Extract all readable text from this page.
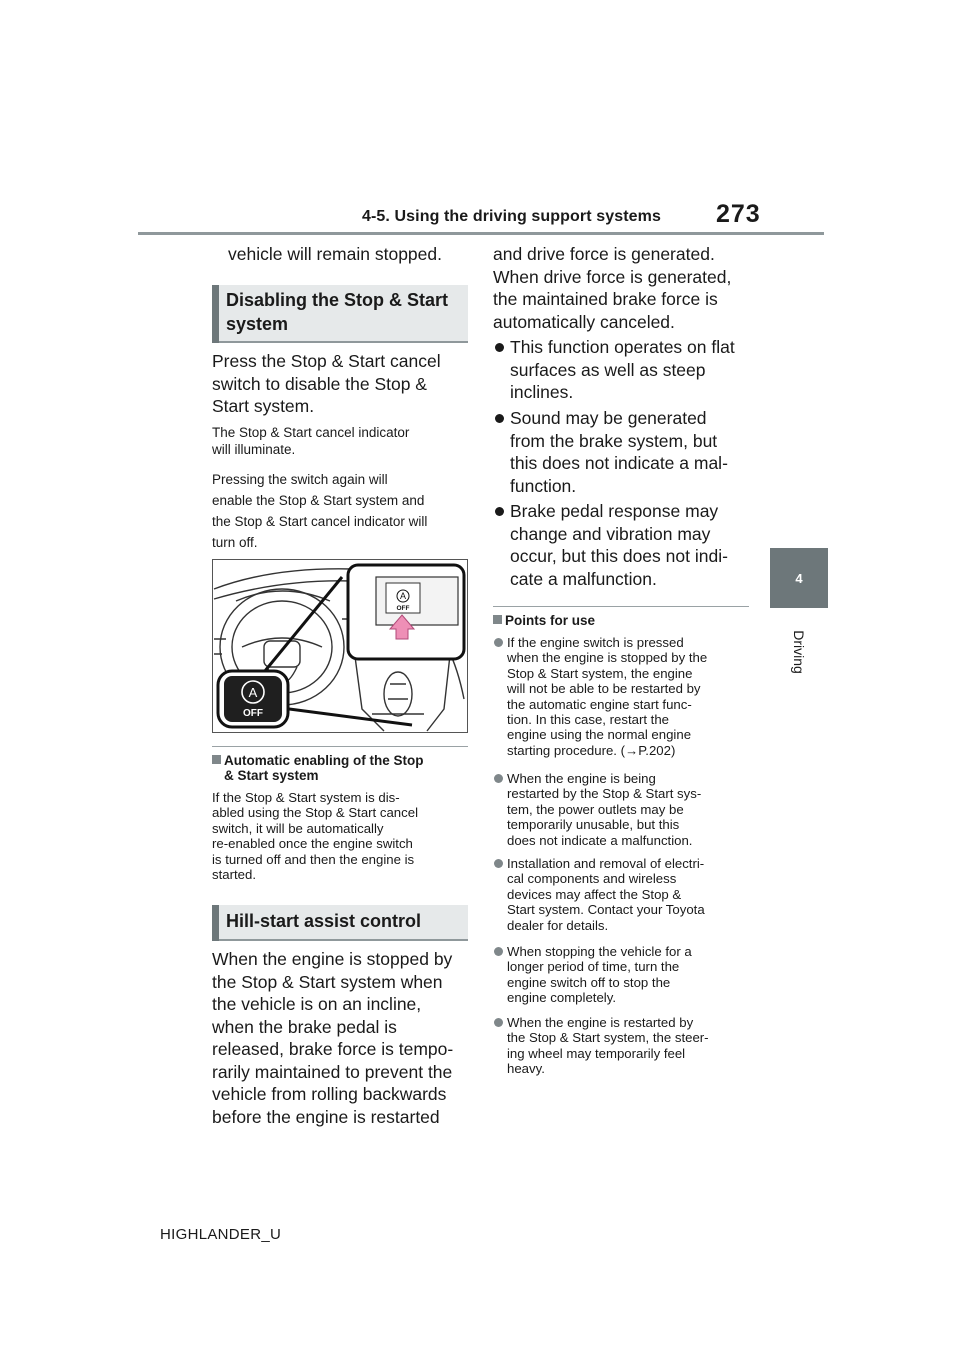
4-5. Using the driving support systems 273
4
Driving
vehicle will remain stopped.
Disabling the Stop & Start
system
Press the Stop & Start cancel
switch to disable the Stop &
Start system.
The Stop & Start cancel indicator
will illuminate.
Pressing the switch again will
enable the Stop & Start system and
the Stop & Start cancel indicator will
turn off.
A
OFF
A
OFF
Automatic enabling of the Stop
& Start system
If the Stop & Start system is dis-
abled using the Stop & Start cancel
switch, it will be automatically
re-enabled once the engine switch
is turned off and then the engine is
started.
Hill-start assist control
When the engine is stopped by
the Stop & Start system when
the vehicle is on an incline,
when the brake pedal is
released, brake force is tempo-
rarily maintained to prevent the
vehicle from rolling backwards
before the engine is restarted
and drive force is generated.
When drive force is generated,
the maintained brake force is
automatically canceled.
This function operates on flat
surfaces as well as steep
inclines.
Sound may be generated
from the brake system, but
this does not indicate a mal-
function.
Brake pedal response may
change and vibration may
occur, but this does not indi-
cate a malfunction.
Points for use
If the engine switch is pressed
when the engine is stopped by the
Stop & Start system, the engine
will not be able to be restarted by
the automatic engine start func-
tion. In this case, restart the
engine using the normal engine
starting procedure. (→P.202)
When the engine is being
restarted by the Stop & Start sys-
tem, the power outlets may be
temporarily unusable, but this
does not indicate a malfunction.
Installation and removal of electri-
cal components and wireless
devices may affect the Stop &
Start system. Contact your Toyota
dealer for details.
When stopping the vehicle for a
longer period of time, turn the
engine switch off to stop the
engine completely.
When the engine is restarted by
the Stop & Start system, the steer-
ing wheel may temporarily feel
heavy.
HIGHLANDER_U
